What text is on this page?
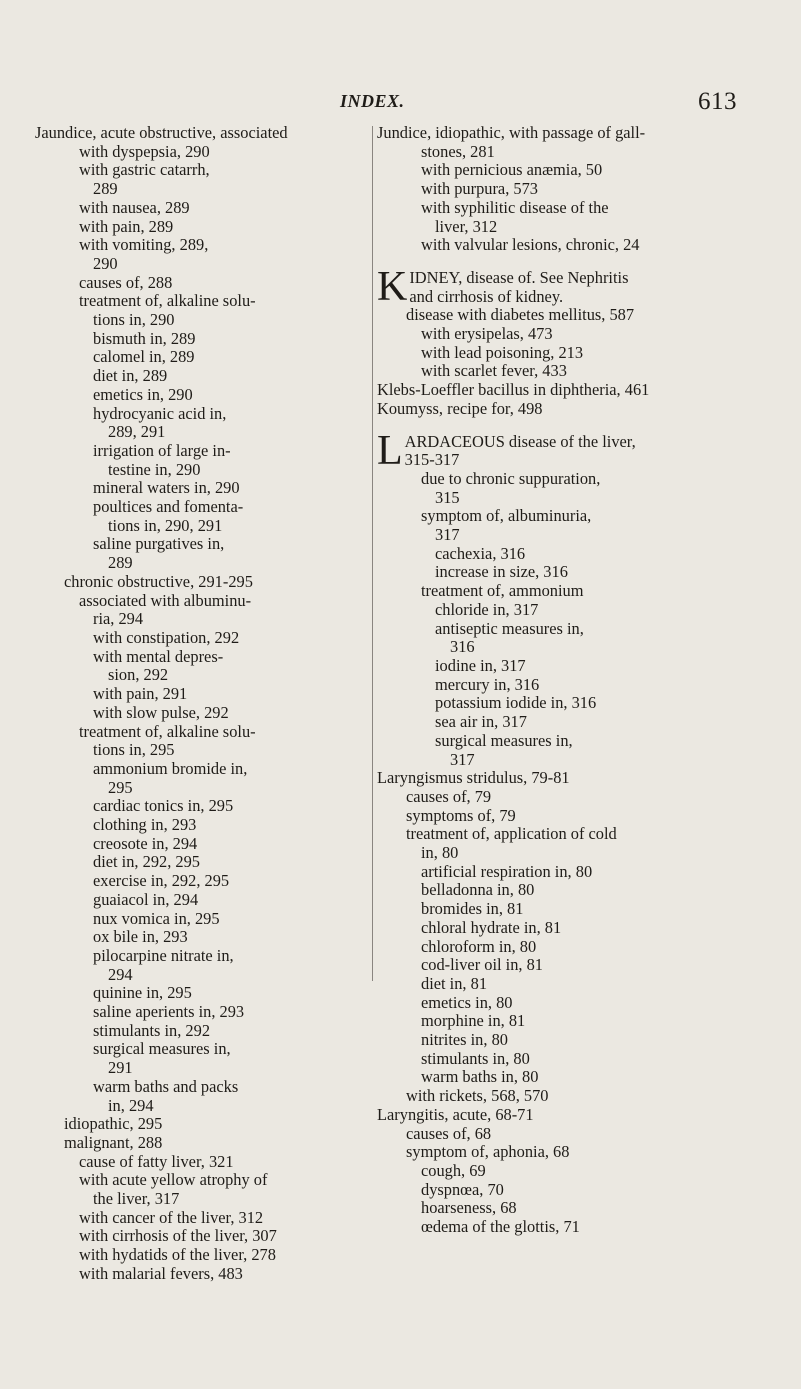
INDEX.	613
Jaundice, acute obstructive, associated
with dyspepsia, 290
with gastric catarrh,
289
with nausea, 289
with pain, 289
with vomiting, 289,
290
causes of, 288
treatment of, alkaline solu-
tions in, 290
bismuth in, 289
calomel in, 289
diet in, 289
emetics in, 290
hydrocyanic acid in,
289, 291
irrigation of large in-
testine in, 290
mineral waters in, 290
poultices and fomenta-
tions in, 290, 291
saline purgatives in,
289
chronic obstructive, 291-295
associated with albuminu-
ria, 294
with constipation, 292
with mental depres-
sion, 292
with pain, 291
with slow pulse, 292
treatment of, alkaline solu-
tions in, 295
ammonium bromide in,
295
cardiac tonics in, 295
clothing in, 293
creosote in, 294
diet in, 292, 295
exercise in, 292, 295
guaiacol in, 294
nux vomica in, 295
ox bile in, 293
pilocarpine nitrate in,
294
quinine in, 295
saline aperients in, 293
stimulants in, 292
surgical measures in,
291
warm baths and packs
in, 294
idiopathic, 295
malignant, 288
cause of fatty liver, 321
with acute yellow atrophy of
the liver, 317
with cancer of the liver, 312
with cirrhosis of the liver, 307
with hydatids of the liver, 278
with malarial fevers, 483
Jundice, idiopathic, with passage of gall-
stones, 281
with pernicious anæmia, 50
with purpura, 573
with syphilitic disease of the
liver, 312
with valvular lesions, chronic, 24
K IDNEY, disease of. See Nephritis
and cirrhosis of kidney.
disease with diabetes mellitus, 587
with erysipelas, 473
with lead poisoning, 213
with scarlet fever, 433
Klebs-Loeffler bacillus in diphtheria, 461
Koumyss, recipe for, 498
L ARDACEOUS disease of the liver,
315-317
due to chronic suppuration,
315
symptom of, albuminuria,
317
cachexia, 316
increase in size, 316
treatment of, ammonium
chloride in, 317
antiseptic measures in,
316
iodine in, 317
mercury in, 316
potassium iodide in, 316
sea air in, 317
surgical measures in,
317
Laryngismus stridulus, 79-81
causes of, 79
symptoms of, 79
treatment of, application of cold
in, 80
artificial respiration in, 80
belladonna in, 80
bromides in, 81
chloral hydrate in, 81
chloroform in, 80
cod-liver oil in, 81
diet in, 81
emetics in, 80
morphine in, 81
nitrites in, 80
stimulants in, 80
warm baths in, 80
with rickets, 568, 570
Laryngitis, acute, 68-71
causes of, 68
symptom of, aphonia, 68
cough, 69
dyspnœa, 70
hoarseness, 68
œdema of the glottis, 71
